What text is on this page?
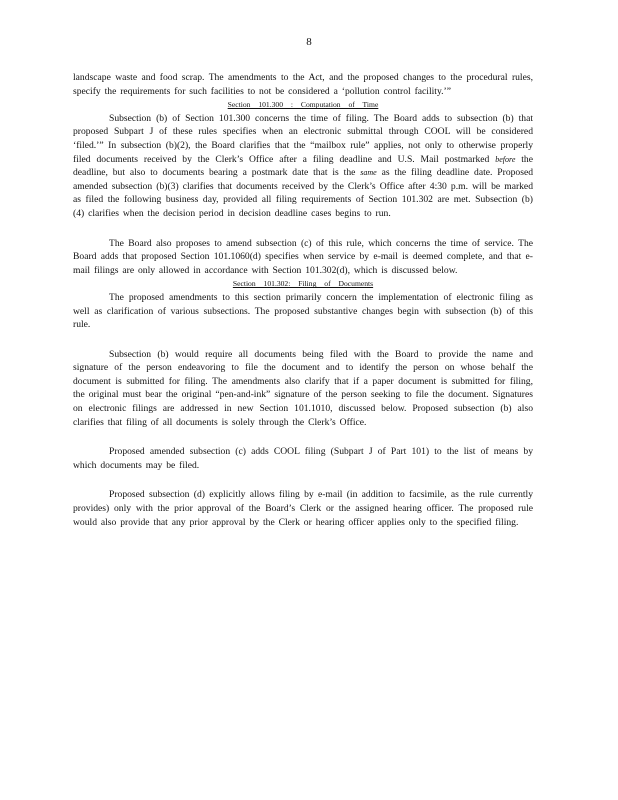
8

landscape waste and food scrap. The amendments to the Act, and the proposed changes to the procedural rules, specify the requirements for such facilities to not be considered a ‘pollution control facility.’”

Section 101.300 : Computation of Time

Subsection (b) of Section 101.300 concerns the time of filing. The Board adds to subsection (b) that proposed Subpart J of these rules specifies when an electronic submittal through COOL will be considered ‘filed.’” In subsection (b)(2), the Board clarifies that the “mailbox rule” applies, not only to otherwise properly filed documents received by the Clerk’s Office after a filing deadline and U.S. Mail postmarked before the deadline, but also to documents bearing a postmark date that is the same as the filing deadline date. Proposed amended subsection (b)(3) clarifies that documents received by the Clerk’s Office after 4:30 p.m. will be marked as filed the following business day, provided all filing requirements of Section 101.302 are met. Subsection (b)(4) clarifies when the decision period in decision deadline cases begins to run.

The Board also proposes to amend subsection (c) of this rule, which concerns the time of service. The Board adds that proposed Section 101.1060(d) specifies when service by e-mail is deemed complete, and that e-mail filings are only allowed in accordance with Section 101.302(d), which is discussed below.

Section 101.302: Filing of Documents

The proposed amendments to this section primarily concern the implementation of electronic filing as well as clarification of various subsections. The proposed substantive changes begin with subsection (b) of this rule.

Subsection (b) would require all documents being filed with the Board to provide the name and signature of the person endeavoring to file the document and to identify the person on whose behalf the document is submitted for filing. The amendments also clarify that if a paper document is submitted for filing, the original must bear the original “pen-and-ink” signature of the person seeking to file the document. Signatures on electronic filings are addressed in new Section 101.1010, discussed below. Proposed subsection (b) also clarifies that filing of all documents is solely through the Clerk’s Office.

Proposed amended subsection (c) adds COOL filing (Subpart J of Part 101) to the list of means by which documents may be filed.

Proposed subsection (d) explicitly allows filing by e-mail (in addition to facsimile, as the rule currently provides) only with the prior approval of the Board’s Clerk or the assigned hearing officer. The proposed rule would also provide that any prior approval by the Clerk or hearing officer applies only to the specified filing.
